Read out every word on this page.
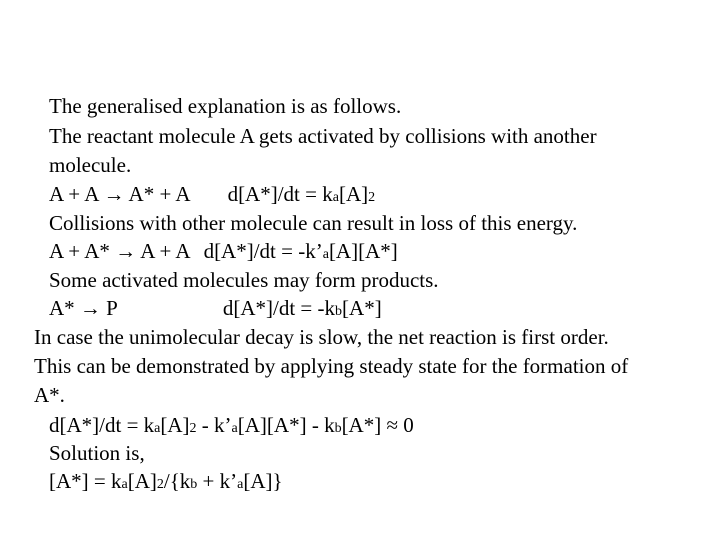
The generalised explanation is as follows.
The reactant molecule A gets activated by collisions with another
molecule.
A + A → A* + A d[A*]/dt = ka[A]2
Collisions with other molecule can result in loss of this energy.
A + A* → A + A d[A*]/dt = -k’a[A][A*]
Some activated molecules may form products.
A* → P	d[A*]/dt = -kb[A*]
In case the unimolecular decay is slow, the net reaction is first order.
This can be demonstrated by applying steady state for the formation of
A*.
d[A*]/dt = ka[A]2 - k’a[A][A*] - kb[A*] ≈ 0
Solution is,
[A*] = ka[A]2/{kb + k’a[A]}
